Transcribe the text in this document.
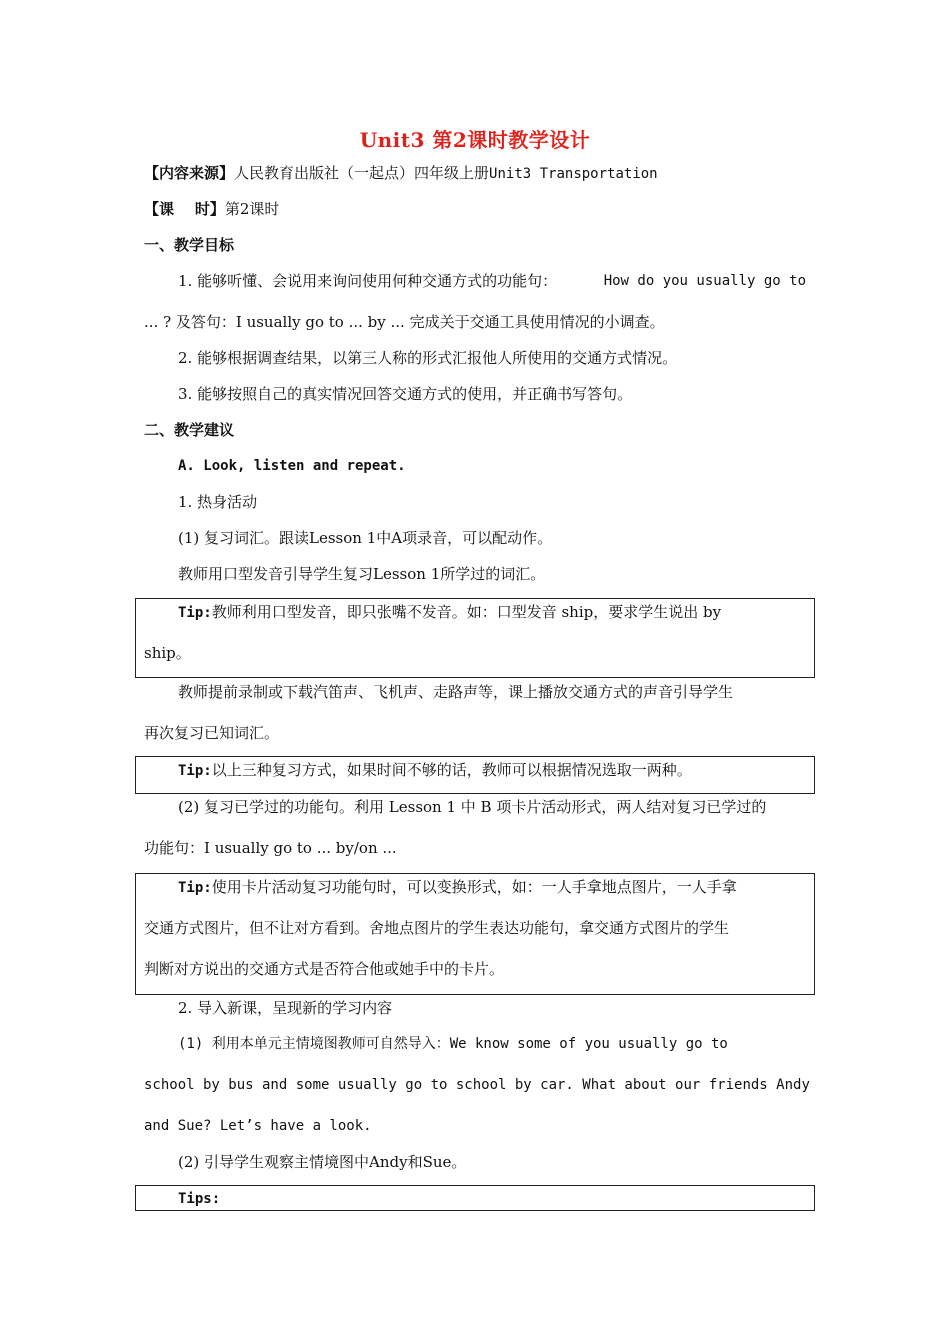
Unit3 第2课时教学设计
【内容来源】人民教育出版社（一起点）四年级上册Unit3 Transportation
【课    时】第2课时
一、教学目标
1. 能够听懂、会说用来询问使用何种交通方式的功能句：	How do you usually go to
... ? 及答句：I usually go to ... by ... 完成关于交通工具使用情况的小调查。
2. 能够根据调查结果，以第三人称的形式汇报他人所使用的交通方式情况。
3. 能够按照自己的真实情况回答交通方式的使用，并正确书写答句。
二、教学建议
A. Look, listen and repeat.
1. 热身活动
(1) 复习词汇。跟读Lesson 1中A项录音，可以配动作。
教师用口型发音引导学生复习Lesson 1所学过的词汇。
Tip:教师利用口型发音，即只张嘴不发音。如：口型发音 ship，要求学生说出 by
ship。
教师提前录制或下载汽笛声、飞机声、走路声等，课上播放交通方式的声音引导学生
再次复习已知词汇。
Tip:以上三种复习方式，如果时间不够的话，教师可以根据情况选取一两种。
(2) 复习已学过的功能句。利用 Lesson 1 中 B 项卡片活动形式，两人结对复习已学过的
功能句：I usually go to ... by/on ...
Tip:使用卡片活动复习功能句时，可以变换形式，如：一人手拿地点图片，一人手拿
交通方式图片，但不让对方看到。舍地点图片的学生表达功能句，拿交通方式图片的学生
判断对方说出的交通方式是否符合他或她手中的卡片。
2. 导入新课，呈现新的学习内容
(1) 利用本单元主情境图教师可自然导入：We know some of you usually go to
school by bus and some usually go to school by car. What about our friends Andy
and Sue? Let’s have a look.
(2) 引导学生观察主情境图中Andy和Sue。
Tips:
